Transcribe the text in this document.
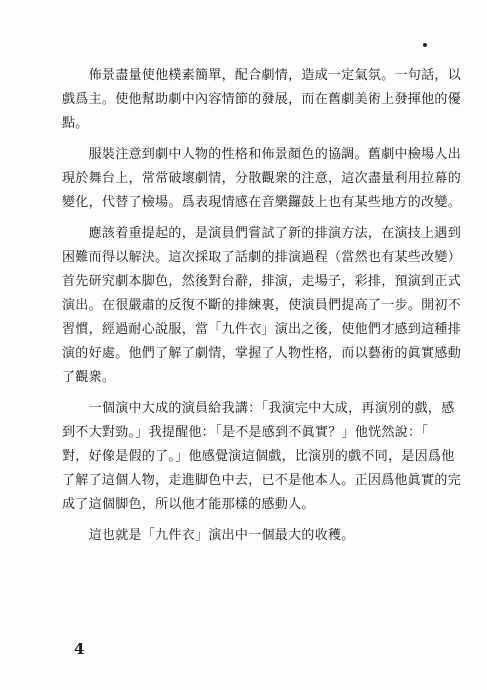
佈景盡量使他樸素簡單，配合劇情，造成一定氣氛。一句話，以
戲爲主。使他幫助劇中內容情節的發展，而在舊劇美術上發揮他的優
點。
服裝注意到劇中人物的性格和佈景顏色的協調。舊劇中檢場人出
現於舞台上，常常破壞劇情，分散觀衆的注意，這次盡量利用拉幕的
變化，代替了檢場。爲表現情感在音樂鑼鼓上也有某些地方的改變。
應該着重提起的，是演員們嘗試了新的排演方法，在演技上遇到
困難而得以解決。這次採取了話劇的排演過程（當然也有某些改變）
首先研究劇本脚色，然後對台辭，排演，走場子，彩排，預演到正式
演出。在很嚴肅的反復不斷的排練裏，使演員們提高了一步。開初不
習慣，經過耐心說服，當「九件衣」演出之後，使他們才感到這種排
演的好處。他們了解了劇情，掌握了人物性格，而以藝術的眞實感動
了觀衆。
一個演中大成的演員給我講：「我演完中大成，再演別的戲，感
到不大對勁。」我提醒他：「是不是感到不眞實？」他恍然說：「
對，好像是假的了。」他感覺演這個戲，比演別的戲不同，是因爲他
了解了這個人物，走進脚色中去，已不是他本人。正因爲他眞實的完
成了這個脚色，所以他才能那樣的感動人。
這也就是「九件衣」演出中一個最大的收穫。
4
